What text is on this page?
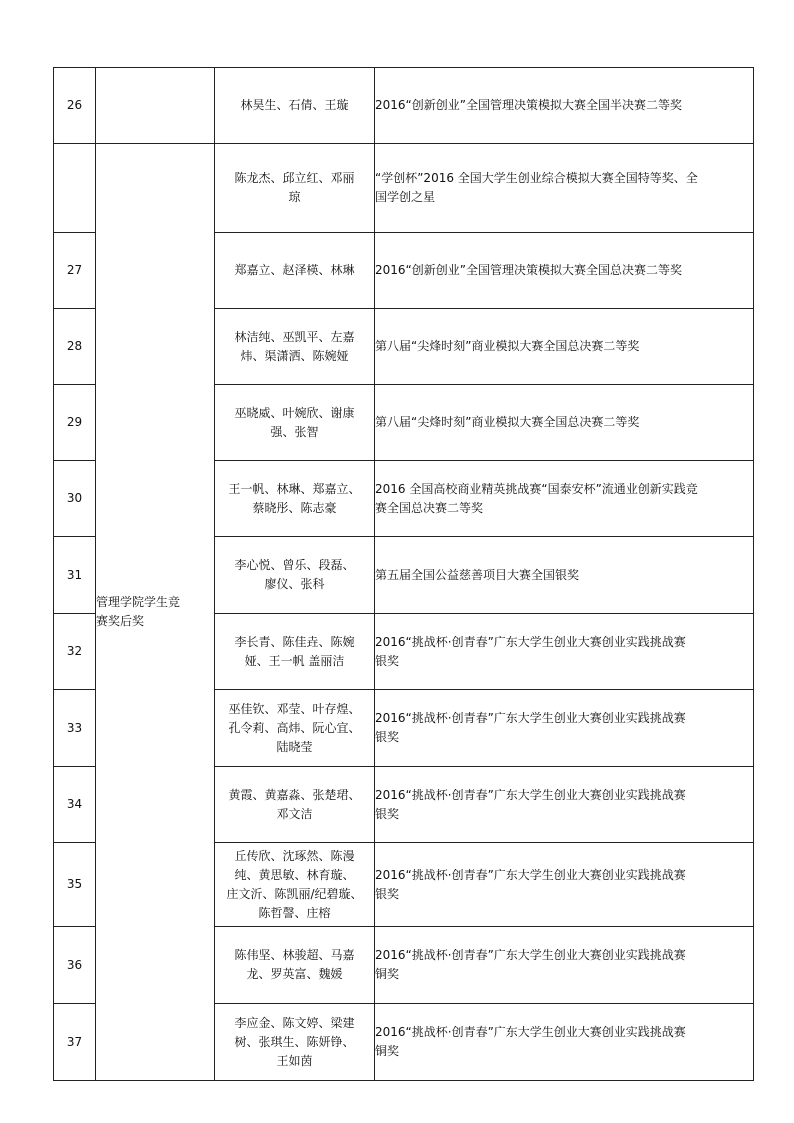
26		林昊生、石倩、王璇	2016“创新创业”全国管理决策模拟大赛全国半决赛二等奖

	管理学院学生竞赛奖后奖	陈龙杰、邱立红、邓丽
琼	“学创杯”2016 全国大学生创业综合模拟大赛全国特等奖、全
国学创之星

27		郑嘉立、赵泽楧、林琳	2016“创新创业”全国管理决策模拟大赛全国总决赛二等奖

28		林洁纯、巫凯平、左嘉
炜、渠潇洒、陈婉娅	第八届“尖烽时刻”商业模拟大赛全国总决赛二等奖

29		巫晓威、叶婉欣、谢康
强、张智	第八届“尖烽时刻”商业模拟大赛全国总决赛二等奖

30		王一帆、林琳、郑嘉立、
蔡晓彤、陈志豪	2016 全国高校商业精英挑战赛“国泰安杯”流通业创新实践竞
赛全国总决赛二等奖

31		李心悦、曾乐、段磊、
廖仪、张科	第五届全国公益慈善项目大赛全国银奖

32		李长青、陈佳垚、陈婉
娅、王一帆 盖丽洁	2016“挑战杯·创青春”广东大学生创业大赛创业实践挑战赛
银奖

33		巫佳钦、邓莹、叶存煌、
孔令莉、高炜、阮心宜、
陆晓莹	2016“挑战杯·创青春”广东大学生创业大赛创业实践挑战赛
银奖

34		黄霞、黄嘉淼、张楚珺、
邓文洁	2016“挑战杯·创青春”广东大学生创业大赛创业实践挑战赛
银奖

35		丘传欣、沈琢然、陈漫
纯、黄思敏、林育璇、
庄文沂、陈凯丽/纪碧璇、
陈哲謦、庄榕	2016“挑战杯·创青春”广东大学生创业大赛创业实践挑战赛
银奖

36		陈伟坚、林骏超、马嘉
龙、罗英富、魏媛	2016“挑战杯·创青春”广东大学生创业大赛创业实践挑战赛
铜奖

37		李应金、陈文婷、梁建
树、张琪生、陈妍铮、
王如茵	2016“挑战杯·创青春”广东大学生创业大赛创业实践挑战赛
铜奖
